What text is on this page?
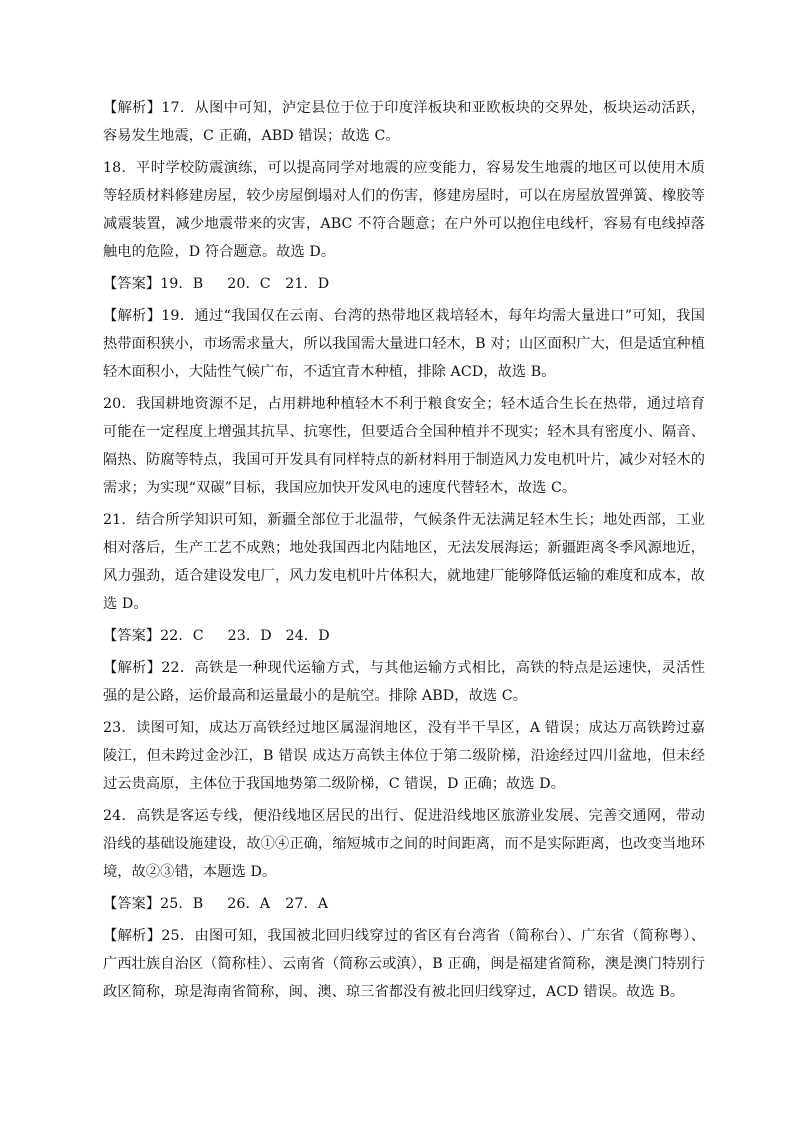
【解析】17．从图中可知，泸定县位于位于印度洋板块和亚欧板块的交界处，板块运动活跃，容易发生地震，C 正确，ABD 错误；故选 C。

18．平时学校防震演练，可以提高同学对地震的应变能力，容易发生地震的地区可以使用木质等轻质材料修建房屋，较少房屋倒塌对人们的伤害，修建房屋时，可以在房屋放置弹簧、橡胶等减震装置，减少地震带来的灾害，ABC 不符合题意；在户外可以抱住电线杆，容易有电线掉落触电的危险，D 符合题意。故选 D。

【答案】19．B 20．C 21．D

【解析】19．通过“我国仅在云南、台湾的热带地区栽培轻木，每年均需大量进口”可知，我国热带面积狭小，市场需求量大，所以我国需大量进口轻木，B 对；山区面积广大，但是适宜种植轻木面积小，大陆性气候广布，不适宜青木种植，排除 ACD，故选 B。

20．我国耕地资源不足，占用耕地种植轻木不利于粮食安全；轻木适合生长在热带，通过培育可能在一定程度上增强其抗旱、抗寒性，但要适合全国种植并不现实；轻木具有密度小、隔音、隔热、防腐等特点，我国可开发具有同样特点的新材料用于制造风力发电机叶片，减少对轻木的需求；为实现“双碳”目标，我国应加快开发风电的速度代替轻木，故选 C。

21．结合所学知识可知，新疆全部位于北温带，气候条件无法满足轻木生长；地处西部，工业相对落后，生产工艺不成熟；地处我国西北内陆地区，无法发展海运；新疆距离冬季风源地近，风力强劲，适合建设发电厂，风力发电机叶片体积大，就地建厂能够降低运输的难度和成本，故选 D。

【答案】22．C 23．D 24．D

【解析】22．高铁是一种现代运输方式，与其他运输方式相比，高铁的特点是运速快，灵活性强的是公路，运价最高和运量最小的是航空。排除 ABD，故选 C。

23．读图可知，成达万高铁经过地区属湿润地区，没有半干旱区，A 错误；成达万高铁跨过嘉陵江，但未跨过金沙江，B 错误 成达万高铁主体位于第二级阶梯，沿途经过四川盆地，但未经过云贵高原，主体位于我国地势第二级阶梯，C 错误，D 正确；故选 D。

24．高铁是客运专线，便沿线地区居民的出行、促进沿线地区旅游业发展、完善交通网，带动沿线的基础设施建设，故①④正确，缩短城市之间的时间距离，而不是实际距离，也改变当地环境，故②③错，本题选 D。

【答案】25．B 26．A 27．A

【解析】25．由图可知，我国被北回归线穿过的省区有台湾省（简称台）、广东省（简称粤）、广西壮族自治区（简称桂）、云南省（简称云或滇），B 正确，闽是福建省简称，澳是澳门特别行政区简称，琼是海南省简称，闽、澳、琼三省都没有被北回归线穿过，ACD 错误。故选 B。
